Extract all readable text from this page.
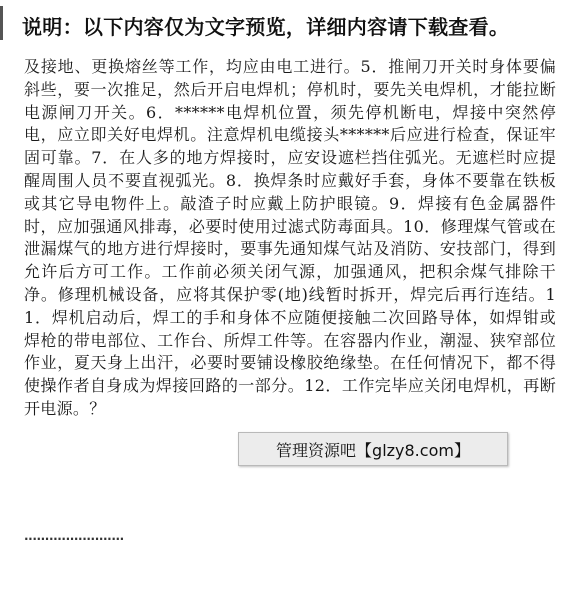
说明：以下内容仅为文字预览，详细内容请下载查看。
及接地、更换熔丝等工作，均应由电工进行。5．推闸刀开关时身体要偏斜些，要一次推足，然后开启电焊机；停机时，要先关电焊机，才能拉断电源闸刀开关。6．******电焊机位置，须先停机断电，焊接中突然停电，应立即关好电焊机。注意焊机电缆接头******后应进行检查，保证牢固可靠。7．在人多的地方焊接时，应安设遮栏挡住弧光。无遮栏时应提醒周围人员不要直视弧光。8．换焊条时应戴好手套，身体不要靠在铁板或其它导电物件上。敲渣子时应戴上防护眼镜。9．焊接有色金属器件时，应加强通风排毒，必要时使用过滤式防毒面具。10．修理煤气管或在泄漏煤气的地方进行焊接时，要事先通知煤气站及消防、安技部门，得到允许后方可工作。工作前必须关闭气源，加强通风，把积余煤气排除干净。修理机械设备，应将其保护零(地)线暂时拆开，焊完后再行连结。11．焊机启动后，焊工的手和身体不应随便接触二次回路导体，如焊钳或焊枪的带电部位、工作台、所焊工件等。在容器内作业，潮湿、狭窄部位作业，夏天身上出汗，必要时要铺设橡胶绝缘垫。在任何情况下，都不得使操作者自身成为焊接回路的一部分。12．工作完毕应关闭电焊机，再断开电源。？
························
管理资源吧【glzy8.com】
